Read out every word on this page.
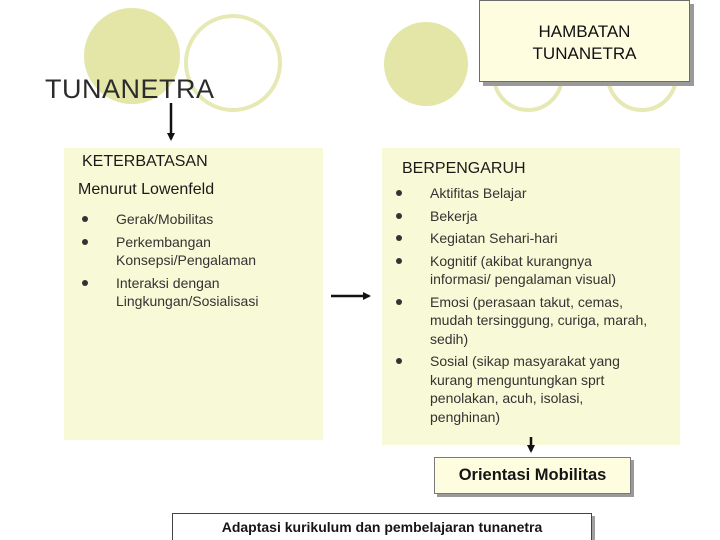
HAMBATAN
TUNANETRA
TUNANETRA
KETERBATASAN
Menurut Lowenfeld
Gerak/Mobilitas
Perkembangan
Konsepsi/Pengalaman
Interaksi dengan
Lingkungan/Sosialisasi
BERPENGARUH
Aktifitas Belajar
Bekerja
Kegiatan Sehari-hari
Kognitif (akibat kurangnya
informasi/ pengalaman visual)
Emosi (perasaan takut, cemas,
mudah tersinggung, curiga, marah,
sedih)
Sosial (sikap masyarakat yang
kurang menguntungkan sprt
penolakan, acuh, isolasi,
penghinan)
Orientasi Mobilitas
Adaptasi kurikulum dan pembelajaran tunanetra
